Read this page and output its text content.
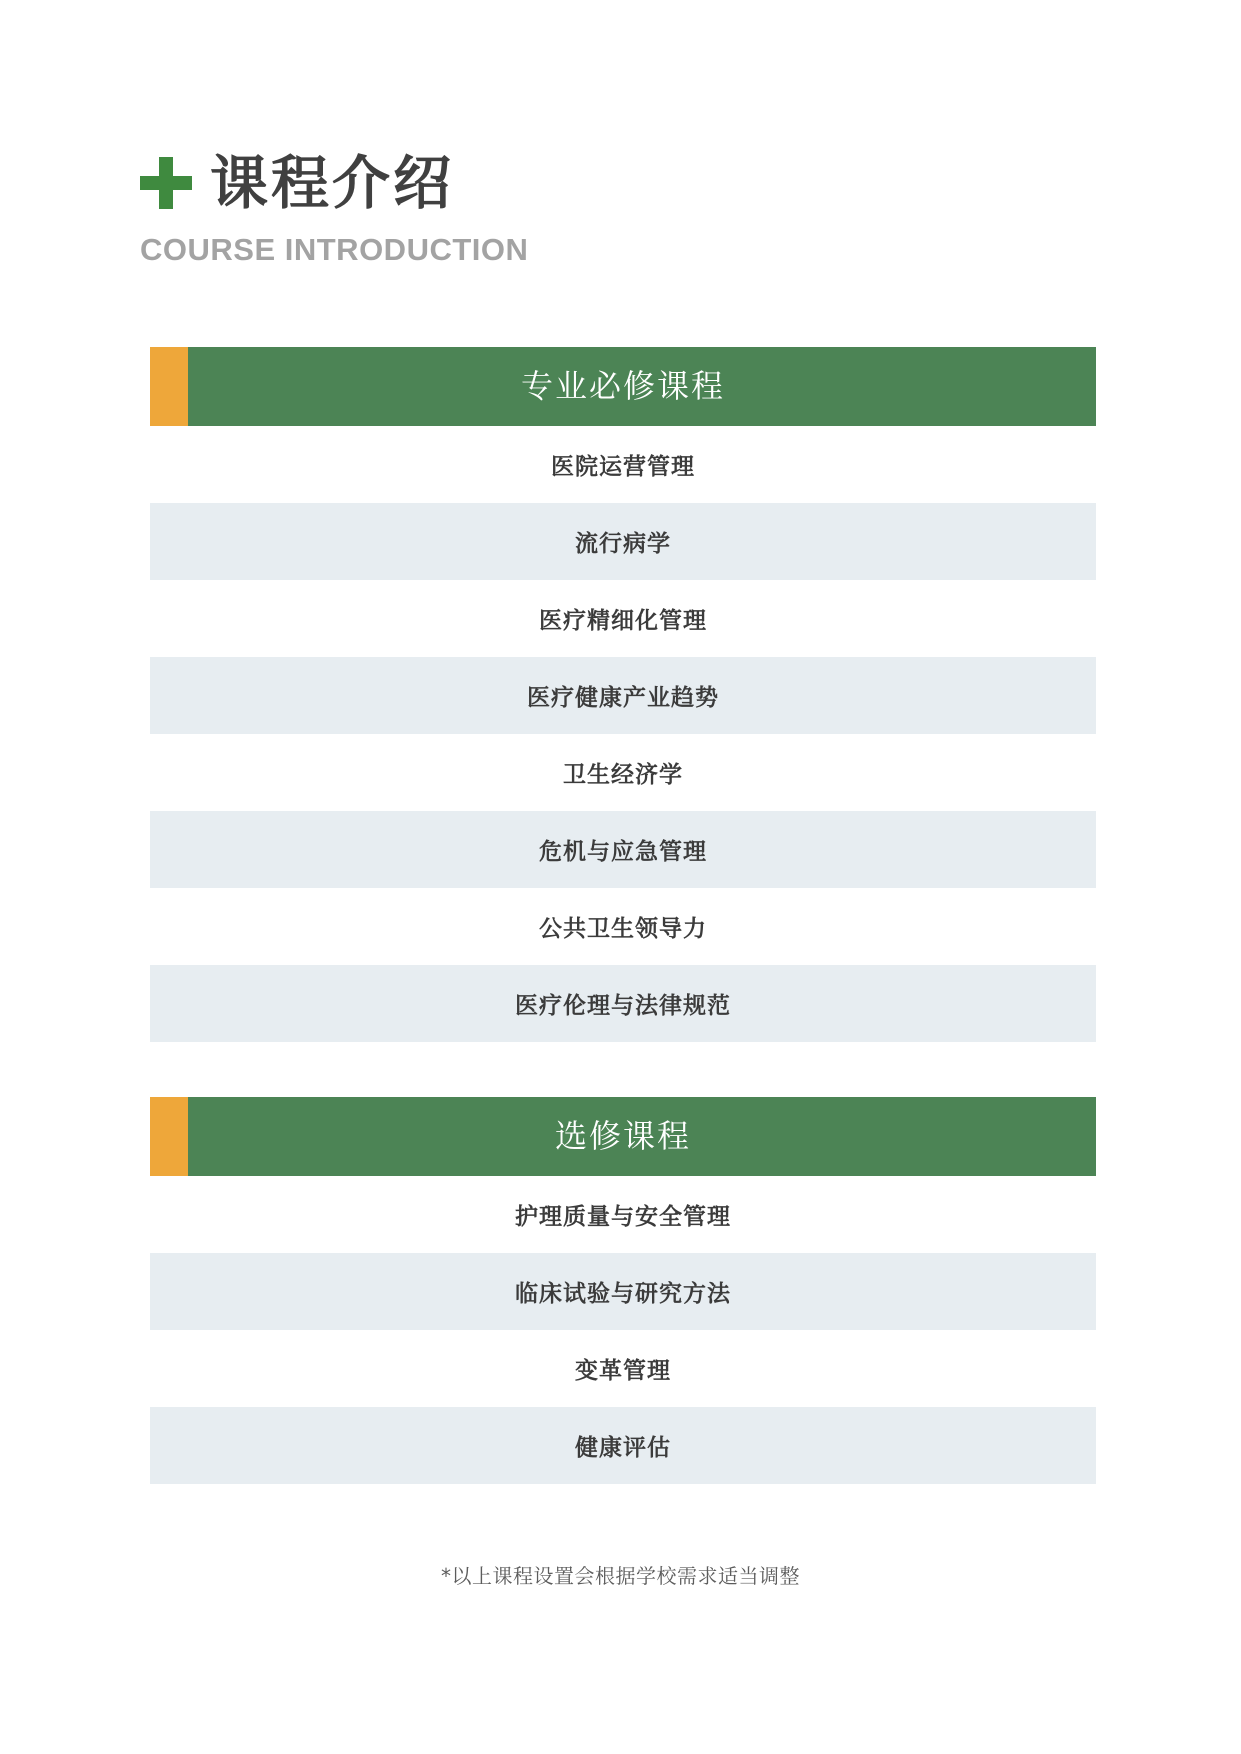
课程介绍
COURSE INTRODUCTION
专业必修课程
医院运营管理
流行病学
医疗精细化管理
医疗健康产业趋势
卫生经济学
危机与应急管理
公共卫生领导力
医疗伦理与法律规范
选修课程
护理质量与安全管理
临床试验与研究方法
变革管理
健康评估
*以上课程设置会根据学校需求适当调整
